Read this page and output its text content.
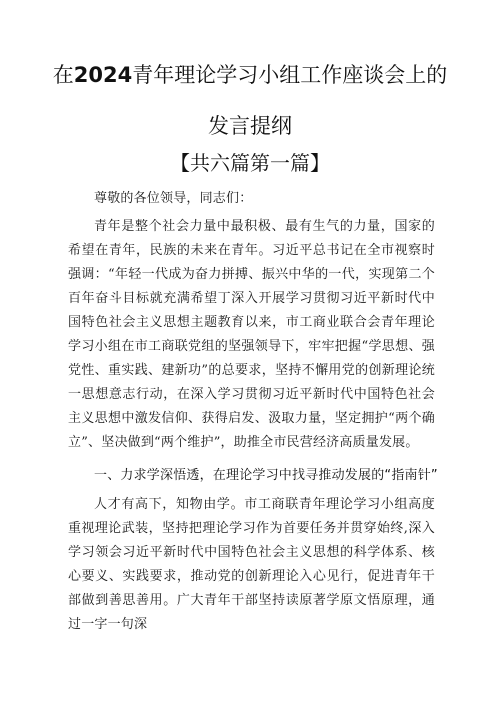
在2024青年理论学习小组工作座谈会上的
发言提纲
【共六篇第一篇】

尊敬的各位领导，同志们：

青年是整个社会力量中最积极、最有生气的力量，国家的希望在青年，民族的未来在青年。习近平总书记在全市视察时强调：“年轻一代成为奋力拼搏、振兴中华的一代，实现第二个百年奋斗目标就充满希望丁深入开展学习贯彻习近平新时代中国特色社会主义思想主题教育以来，市工商业联合会青年理论学习小组在市工商联党组的坚强领导下，牢牢把握“学思想、强党性、重实践、建新功”的总要求，坚持不懈用党的创新理论统一思想意志行动，在深入学习贯彻习近平新时代中国特色社会主义思想中激发信仰、获得启发、汲取力量，坚定拥护“两个确立”、坚决做到“两个维护”，助推全市民营经济高质量发展。

一、力求学深悟透，在理论学习中找寻推动发展的“指南针”

人才有高下，知物由学。市工商联青年理论学习小组高度重视理论武装，坚持把理论学习作为首要任务并贯穿始终,深入学习领会习近平新时代中国特色社会主义思想的科学体系、核心要义、实践要求，推动党的创新理论入心见行，促进青年干部做到善思善用。广大青年干部坚持读原著学原文悟原理，通过一字一句深
